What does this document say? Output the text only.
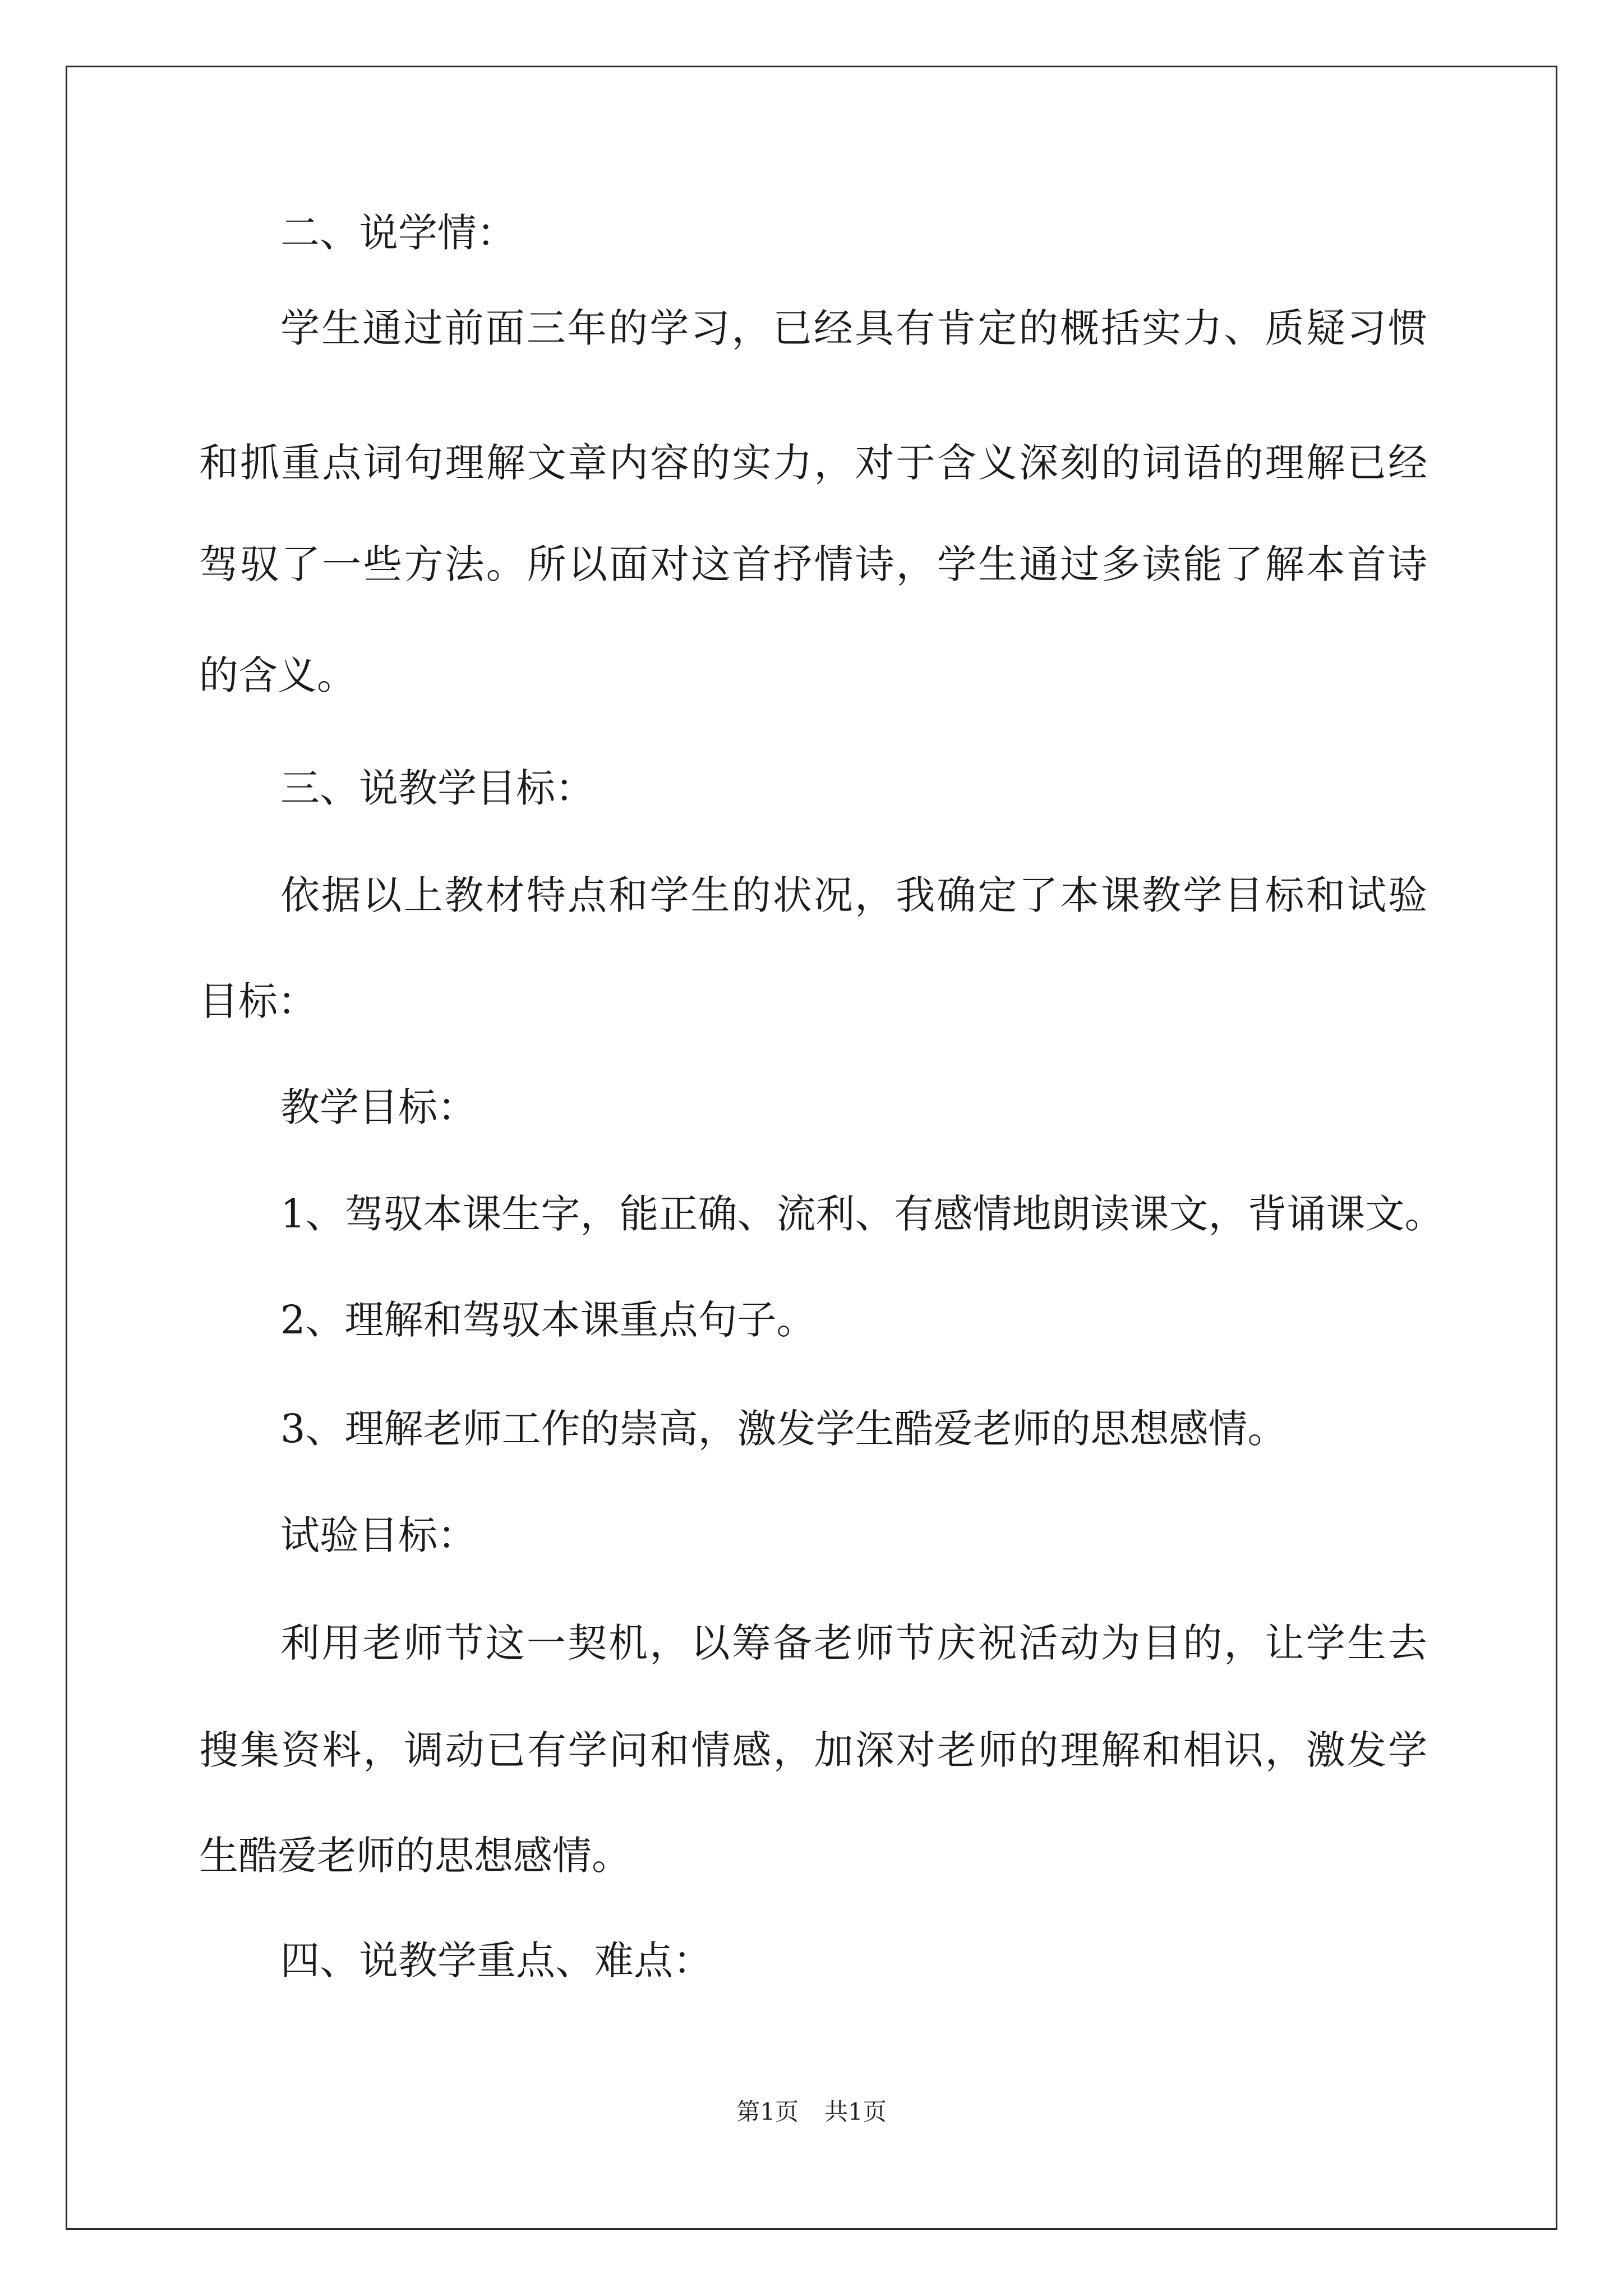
二、说学情：
学生通过前面三年的学习，已经具有肯定的概括实力、质疑习惯
和抓重点词句理解文章内容的实力，对于含义深刻的词语的理解已经
驾驭了一些方法。所以面对这首抒情诗，学生通过多读能了解本首诗
的含义。
三、说教学目标：
依据以上教材特点和学生的状况，我确定了本课教学目标和试验
目标：
教学目标：
1、驾驭本课生字，能正确、流利、有感情地朗读课文，背诵课文。
2、理解和驾驭本课重点句子。
3、理解老师工作的崇高，激发学生酷爱老师的思想感情。
试验目标：
利用老师节这一契机，以筹备老师节庆祝活动为目的，让学生去
搜集资料，调动已有学问和情感，加深对老师的理解和相识，激发学
生酷爱老师的思想感情。
四、说教学重点、难点：
第1页 共1页
